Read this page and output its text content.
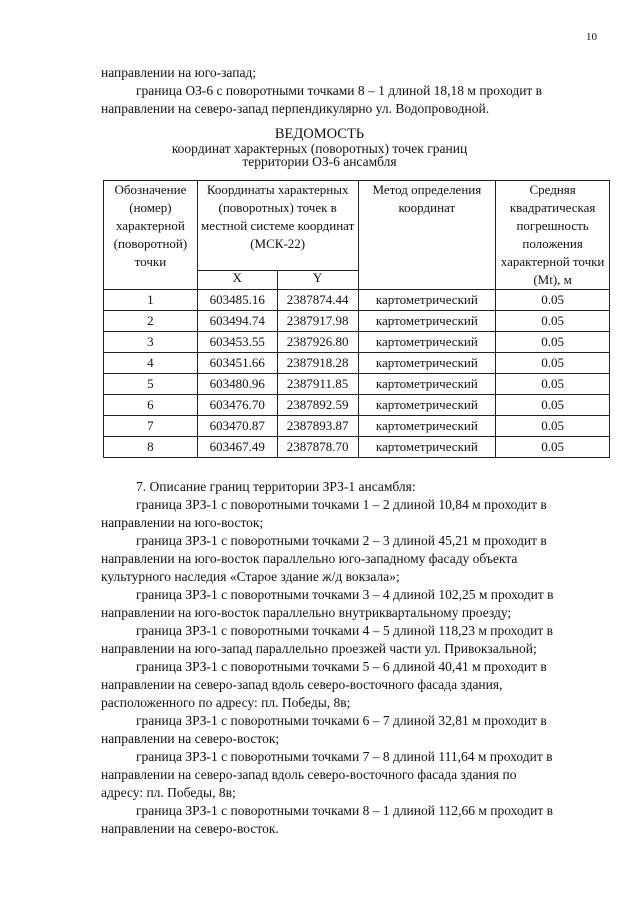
10
направлении на юго-запад;
граница ОЗ-6 с поворотными точками 8 – 1 длиной 18,18 м проходит в
направлении на северо-запад перпендикулярно ул. Водопроводной.
ВЕДОМОСТЬ
координат характерных (поворотных) точек границ
территории ОЗ-6 ансамбля
Обозначение (номер) характерной (поворотной) точки	Координаты характерных (поворотных) точек в местной системе координат (МСК-22)		Метод определения координат	Средняя квадратическая погрешность положения характерной точки (Mt), м
	X	Y		
1	603485.16	2387874.44	картометрический	0.05
2	603494.74	2387917.98	картометрический	0.05
3	603453.55	2387926.80	картометрический	0.05
4	603451.66	2387918.28	картометрический	0.05
5	603480.96	2387911.85	картометрический	0.05
6	603476.70	2387892.59	картометрический	0.05
7	603470.87	2387893.87	картометрический	0.05
8	603467.49	2387878.70	картометрический	0.05
7. Описание границ территории ЗРЗ-1 ансамбля:
граница ЗРЗ-1 с поворотными точками 1 – 2 длиной 10,84 м проходит в
направлении на юго-восток;
граница ЗРЗ-1 с поворотными точками 2 – 3 длиной 45,21 м проходит в
направлении на юго-восток параллельно юго-западному фасаду объекта
культурного наследия «Старое здание ж/д вокзала»;
граница ЗРЗ-1 с поворотными точками 3 – 4 длиной 102,25 м проходит в
направлении на юго-восток параллельно внутриквартальному проезду;
граница ЗРЗ-1 с поворотными точками 4 – 5 длиной 118,23 м проходит в
направлении на юго-запад параллельно проезжей части ул. Привокзальной;
граница ЗРЗ-1 с поворотными точками 5 – 6 длиной 40,41 м проходит в
направлении на северо-запад вдоль северо-восточного фасада здания,
расположенного по адресу: пл. Победы, 8в;
граница ЗРЗ-1 с поворотными точками 6 – 7 длиной 32,81 м проходит в
направлении на северо-восток;
граница ЗРЗ-1 с поворотными точками 7 – 8 длиной 111,64 м проходит в
направлении на северо-запад вдоль северо-восточного фасада здания по
адресу: пл. Победы, 8в;
граница ЗРЗ-1 с поворотными точками 8 – 1 длиной 112,66 м проходит в
направлении на северо-восток.
